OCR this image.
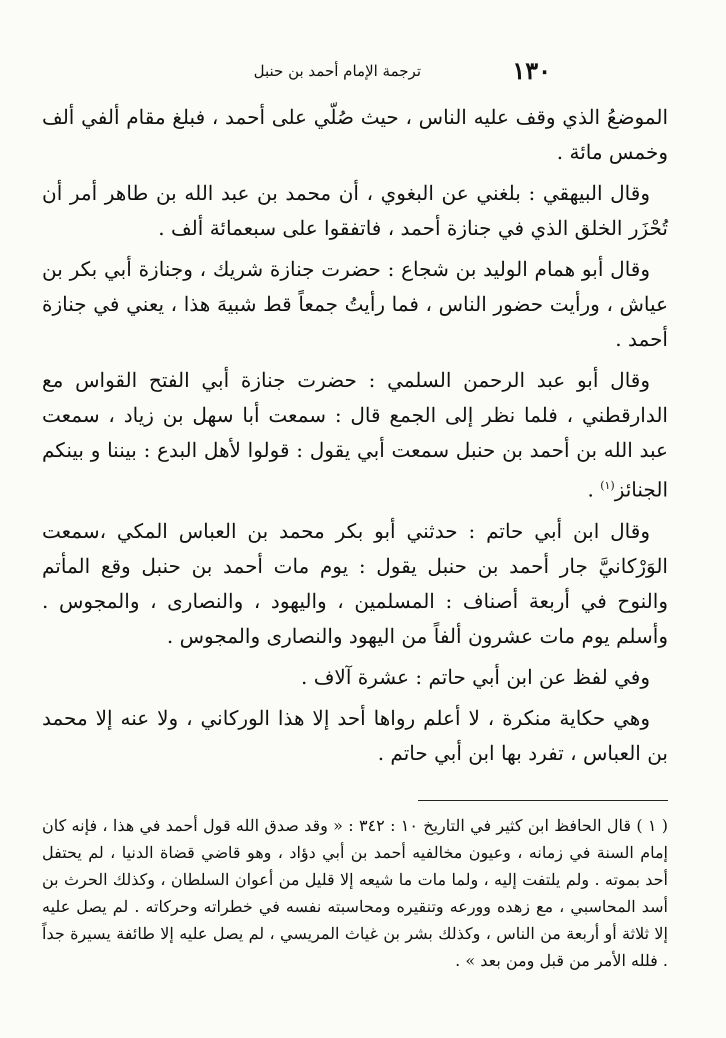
١٣٠
ترجمة الإمام أحمد بن حنبل

الموضعُ الذي وقف عليه الناس ، حيث صُلّي على أحمد ، فبلغ مقام ألفي ألف وخمس مائة .

وقال البيهقي : بلغني عن البغوي ، أن محمد بن عبد الله بن طاهر أمر أن تُحْزَر الخلق الذي في جنازة أحمد ، فاتفقوا على سبعمائة ألف .

وقال أبو همام الوليد بن شجاع : حضرت جنازة شريك ، وجنازة أبي بكر بن عياش ، ورأيت حضور الناس ، فما رأيتُ جمعاً قط شبيهَ هذا ، يعني في جنازة أحمد .

وقال أبو عبد الرحمن السلمي : حضرت جنازة أبي الفتح القواس مع الدارقطني ، فلما نظر إلى الجمع قال : سمعت أبا سهل بن زياد ، سمعت عبد الله بن أحمد بن حنبل سمعت أبي يقول : قولوا لأهل البدع : بيننا و بينكم الجنائز$^{(١)}$ .

وقال ابن أبي حاتم : حدثني أبو بكر محمد بن العباس المكي ،سمعت الوَرْكانيَّ جار أحمد بن حنبل يقول : يوم مات أحمد بن حنبل وقع المأتم والنوح في أربعة أصناف : المسلمين ، واليهود ، والنصارى ، والمجوس . وأسلم يوم مات عشرون ألفاً من اليهود والنصارى والمجوس .

وفي لفظ عن ابن أبي حاتم : عشرة آلاف .

وهي حكاية منكرة ، لا أعلم رواها أحد إلا هذا الوركاني ، ولا عنه إلا محمد بن العباس ، تفرد بها ابن أبي حاتم .

( ١ ) قال الحافظ ابن كثير في التاريخ ١٠ : ٣٤٢ : « وقد صدق الله قول أحمد في هذا ، فإنه كان إمام السنة في زمانه ، وعيون مخالفيه أحمد بن أبي دؤاد ، وهو قاضي قضاة الدنيا ، لم يحتفل أحد بموته . ولم يلتفت إليه ، ولما مات ما شيعه إلا قليل من أعوان السلطان ، وكذلك الحرث بن أسد المحاسبي ، مع زهده وورعه وتنقيره ومحاسبته نفسه في خطراته وحركاته . لم يصل عليه إلا ثلاثة أو أربعة من الناس ، وكذلك بشر بن غياث المريسي ، لم يصل عليه إلا طائفة يسيرة جداً . فلله الأمر من قبل ومن بعد » .
